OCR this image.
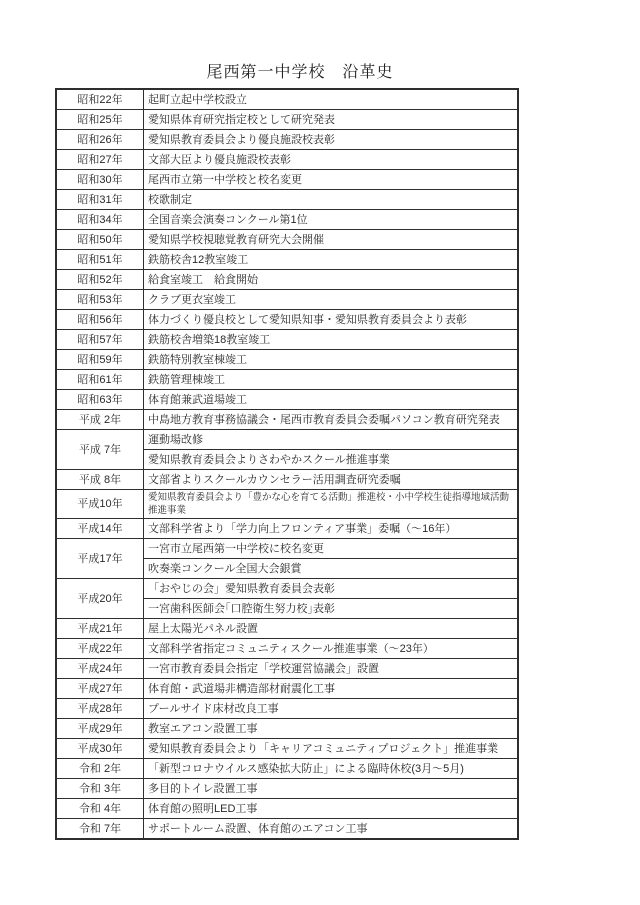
尾西第一中学校　沿革史
昭和22年	起町立起中学校設立
昭和25年	愛知県体育研究指定校として研究発表
昭和26年	愛知県教育委員会より優良施設校表彰
昭和27年	文部大臣より優良施設校表彰
昭和30年	尾西市立第一中学校と校名変更
昭和31年	校歌制定
昭和34年	全国音楽会演奏コンクール第1位
昭和50年	愛知県学校視聴覚教育研究大会開催
昭和51年	鉄筋校舎12教室竣工
昭和52年	給食室竣工　給食開始
昭和53年	クラブ更衣室竣工
昭和56年	体力づくり優良校として愛知県知事・愛知県教育委員会より表彰
昭和57年	鉄筋校舎増築18教室竣工
昭和59年	鉄筋特別教室棟竣工
昭和61年	鉄筋管理棟竣工
昭和63年	体育館兼武道場竣工
平成 2年	中島地方教育事務協議会・尾西市教育委員会委嘱パソコン教育研究発表
平成 7年	運動場改修
	愛知県教育委員会よりさわやかスクール推進事業
平成 8年	文部省よりスクールカウンセラー活用調査研究委嘱
平成10年	愛知県教育委員会より「豊かな心を育てる活動」推進校・小中学校生徒指導地域活動推進事業
平成14年	文部科学省より「学力向上フロンティア事業」委嘱（～16年）
平成17年	一宮市立尾西第一中学校に校名変更
	吹奏楽コンクール全国大会銀賞
平成20年	「おやじの会」愛知県教育委員会表彰
	一宮歯科医師会｢口腔衛生努力校｣表彰
平成21年	屋上太陽光パネル設置
平成22年	文部科学省指定コミュニティスクール推進事業（～23年）
平成24年	一宮市教育委員会指定「学校運営協議会」設置
平成27年	体育館・武道場非構造部材耐震化工事
平成28年	プールサイド床材改良工事
平成29年	教室エアコン設置工事
平成30年	愛知県教育委員会より「キャリアコミュニティプロジェクト」推進事業
令和 2年	「新型コロナウイルス感染拡大防止」による臨時休校(3月～5月)
令和 3年	多目的トイレ設置工事
令和 4年	体育館の照明LED工事
令和 7年	サポートルーム設置、体育館のエアコン工事
